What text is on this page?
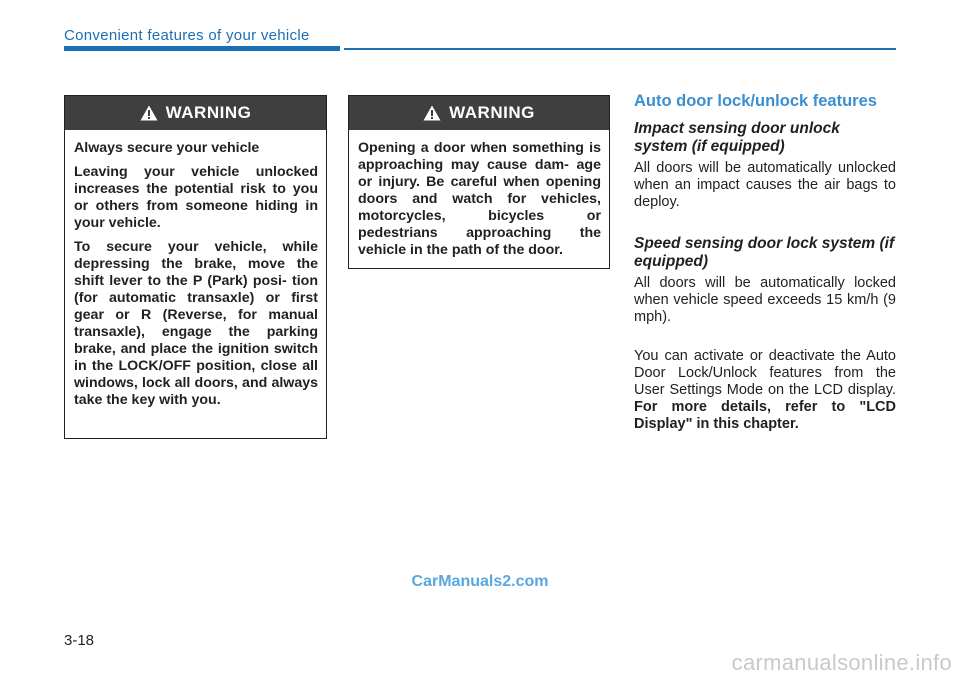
Convenient features of your vehicle
WARNING

Always secure your vehicle

Leaving your vehicle unlocked increases the potential risk to you or others from someone hiding in your vehicle.

To secure your vehicle, while depressing the brake, move the shift lever to the P (Park) posi- tion (for automatic transaxle) or first gear or R (Reverse, for manual transaxle), engage the parking brake, and place the ignition switch in the LOCK/OFF position, close all windows, lock all doors, and always take the key with you.

WARNING

Opening a door when something is approaching may cause dam- age or injury. Be careful when opening doors and watch for vehicles, motorcycles, bicycles or pedestrians approaching the vehicle in the path of the door.

Auto door lock/unlock features
Impact sensing door unlock system (if equipped)

All doors will be automatically unlocked when an impact causes the air bags to deploy.

Speed sensing door lock system (if equipped)

All doors will be automatically locked when vehicle speed exceeds 15 km/h (9 mph).

You can activate or deactivate the Auto Door Lock/Unlock features from the User Settings Mode on the LCD display. For more details, refer to "LCD Display" in this chapter.

CarManuals2.com
3-18
carmanualsonline.info
